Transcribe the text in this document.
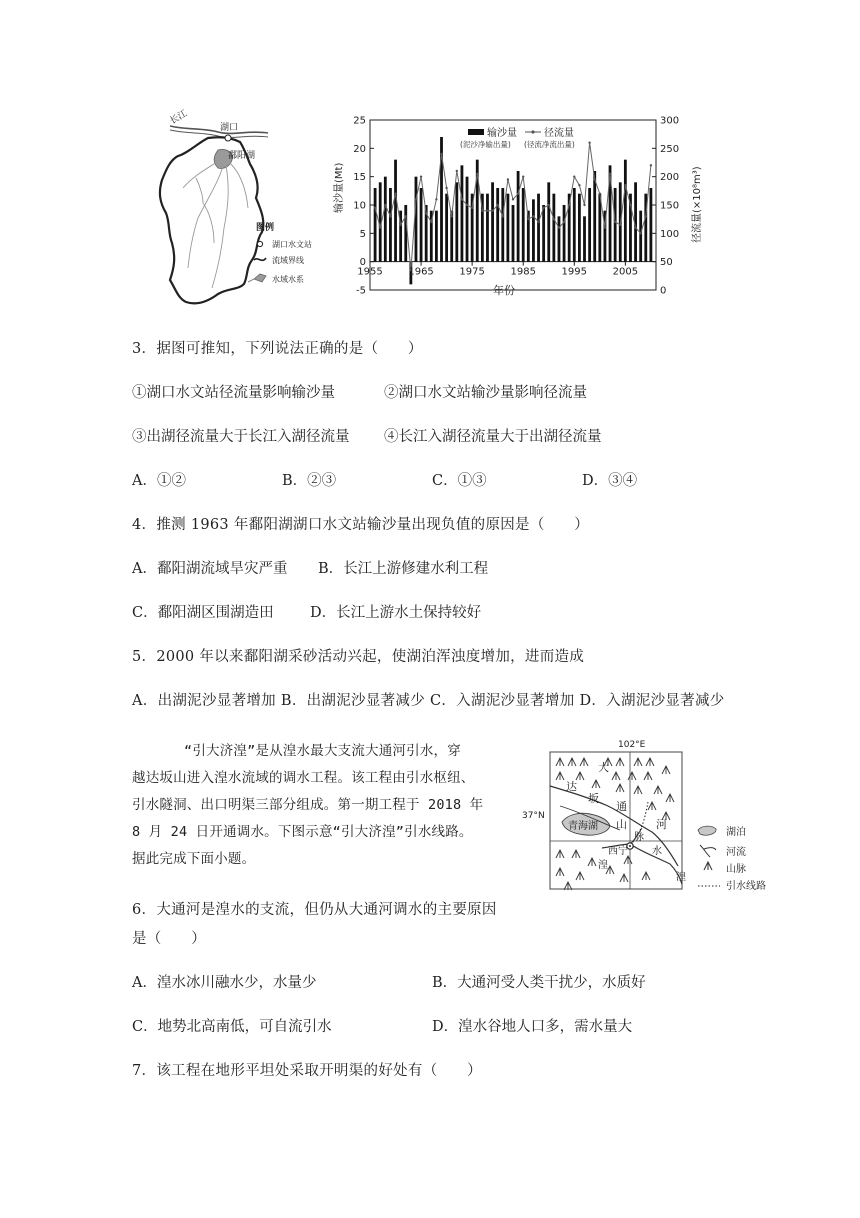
湖口
鄱阳湖
长江
图例
湖口水文站
流域界线
水域水系
25
20
15
10
5
0
-5
300
250
200
150
100
50
0
1955	1965	1975	1985	1995	2005
输沙量	径流量
(泥沙净输出量) (径流净流出量)
年份
输沙量(Mt)	径流量(×10⁸m³)
3．据图可推知，下列说法正确的是（　　）
①湖口水文站径流量影响输沙量	②湖口水文站输沙量影响径流量
③出湖径流量大于长江入湖径流量 ④长江入湖径流量大于出湖径流量
A．①②	B．②③	C．①③	D．③④
4．推测 1963 年鄱阳湖湖口水文站输沙量出现负值的原因是（　　）
A．鄱阳湖流域旱灾严重 B．长江上游修建水利工程
C．鄱阳湖区围湖造田	D．长江上游水土保持较好
5．2000 年以来鄱阳湖采砂活动兴起，使湖泊浑浊度增加，进而造成
A．出湖泥沙显著增加 B．出湖泥沙显著减少 C．入湖泥沙显著增加 D．入湖泥沙显著减少

“引大济湟”是从湟水最大支流大通河引水，穿

越达坂山进入湟水流域的调水工程。该工程由引水枢纽、

引水隧洞、出口明渠三部分组成。第一期工程于 2018 年

8 月 24 日开通调水。下图示意“引大济湟”引水线路。

据此完成下面小题。

102°E
37°N
青海湖
西宁
大
通
河
达
坂
山
脉
水
湟
湟
湖泊
河流
山脉
引水线路
6．大通河是湟水的支流，但仍从大通河调水的主要原因
是（　　）
A．湟水冰川融水少，水量少	B．大通河受人类干扰少，水质好
C．地势北高南低，可自流引水	D．湟水谷地人口多，需水量大
7．该工程在地形平坦处采取开明渠的好处有（　　）
